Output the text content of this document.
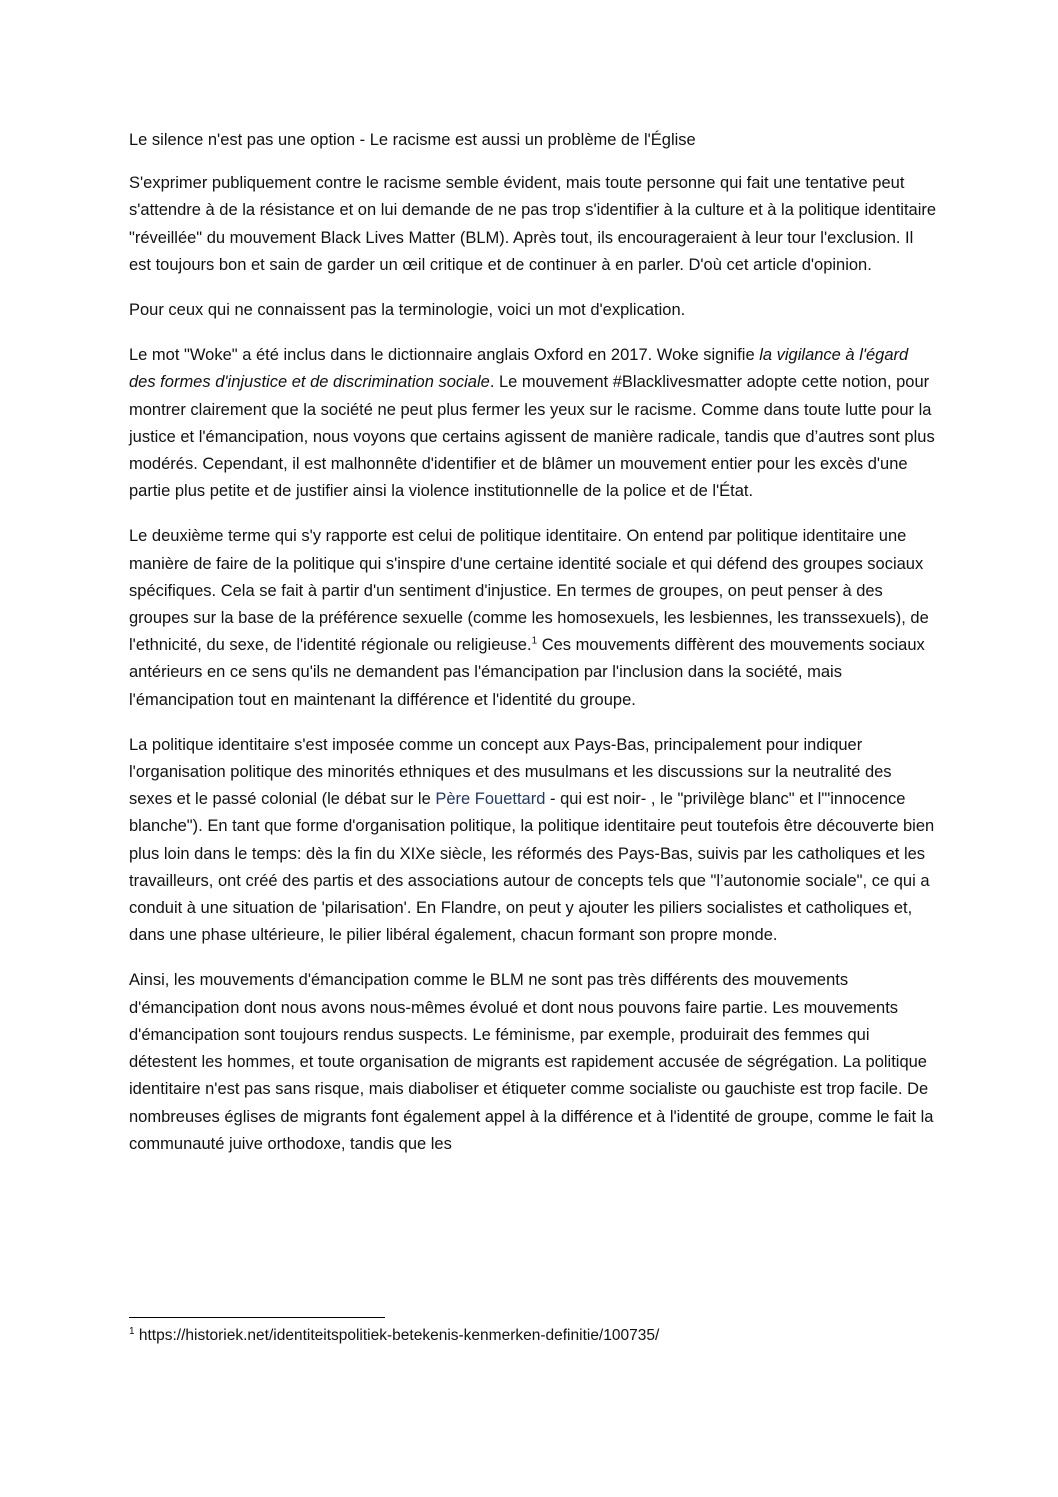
Le silence n'est pas une option - Le racisme est aussi un problème de l'Église

S'exprimer publiquement contre le racisme semble évident, mais toute personne qui fait une tentative peut s'attendre à de la résistance et on lui demande de ne pas trop s'identifier à la culture et à la politique identitaire "réveillée" du mouvement Black Lives Matter (BLM). Après tout, ils encourageraient à leur tour l'exclusion. Il est toujours bon et sain de garder un œil critique et de continuer à en parler. D'où cet article d'opinion.

Pour ceux qui ne connaissent pas la terminologie, voici un mot d'explication.

Le mot "Woke" a été inclus dans le dictionnaire anglais Oxford en 2017. Woke signifie la vigilance à l'égard des formes d'injustice et de discrimination sociale. Le mouvement #Blacklivesmatter adopte cette notion, pour montrer clairement que la société ne peut plus fermer les yeux sur le racisme. Comme dans toute lutte pour la justice et l'émancipation, nous voyons que certains agissent de manière radicale, tandis que d’autres sont plus modérés. Cependant, il est malhonnête d'identifier et de blâmer un mouvement entier pour les excès d'une partie plus petite et de justifier ainsi la violence institutionnelle de la police et de l'État.

Le deuxième terme qui s'y rapporte est celui de politique identitaire. On entend par politique identitaire une manière de faire de la politique qui s'inspire d'une certaine identité sociale et qui défend des groupes sociaux spécifiques. Cela se fait à partir d'un sentiment d'injustice. En termes de groupes, on peut penser à des groupes sur la base de la préférence sexuelle (comme les homosexuels, les lesbiennes, les transsexuels), de l'ethnicité, du sexe, de l'identité régionale ou religieuse.$^1$ Ces mouvements diffèrent des mouvements sociaux antérieurs en ce sens qu'ils ne demandent pas l'émancipation par l'inclusion dans la société, mais l'émancipation tout en maintenant la différence et l'identité du groupe.

La politique identitaire s'est imposée comme un concept aux Pays-Bas, principalement pour indiquer l'organisation politique des minorités ethniques et des musulmans et les discussions sur la neutralité des sexes et le passé colonial (le débat sur le Père Fouettard - qui est noir- , le "privilège blanc" et l'"innocence blanche"). En tant que forme d'organisation politique, la politique identitaire peut toutefois être découverte bien plus loin dans le temps: dès la fin du XIXe siècle, les réformés des Pays-Bas, suivis par les catholiques et les travailleurs, ont créé des partis et des associations autour de concepts tels que "l’autonomie sociale", ce qui a conduit à une situation de 'pilarisation'. En Flandre, on peut y ajouter les piliers socialistes et catholiques et, dans une phase ultérieure, le pilier libéral également, chacun formant son propre monde.

Ainsi, les mouvements d'émancipation comme le BLM ne sont pas très différents des mouvements d'émancipation dont nous avons nous-mêmes évolué et dont nous pouvons faire partie. Les mouvements d'émancipation sont toujours rendus suspects. Le féminisme, par exemple, produirait des femmes qui détestent les hommes, et toute organisation de migrants est rapidement accusée de ségrégation. La politique identitaire n'est pas sans risque, mais diaboliser et étiqueter comme socialiste ou gauchiste est trop facile. De nombreuses églises de migrants font également appel à la différence et à l'identité de groupe, comme le fait la communauté juive orthodoxe, tandis que les

$^1$ https://historiek.net/identiteitspolitiek-betekenis-kenmerken-definitie/100735/
